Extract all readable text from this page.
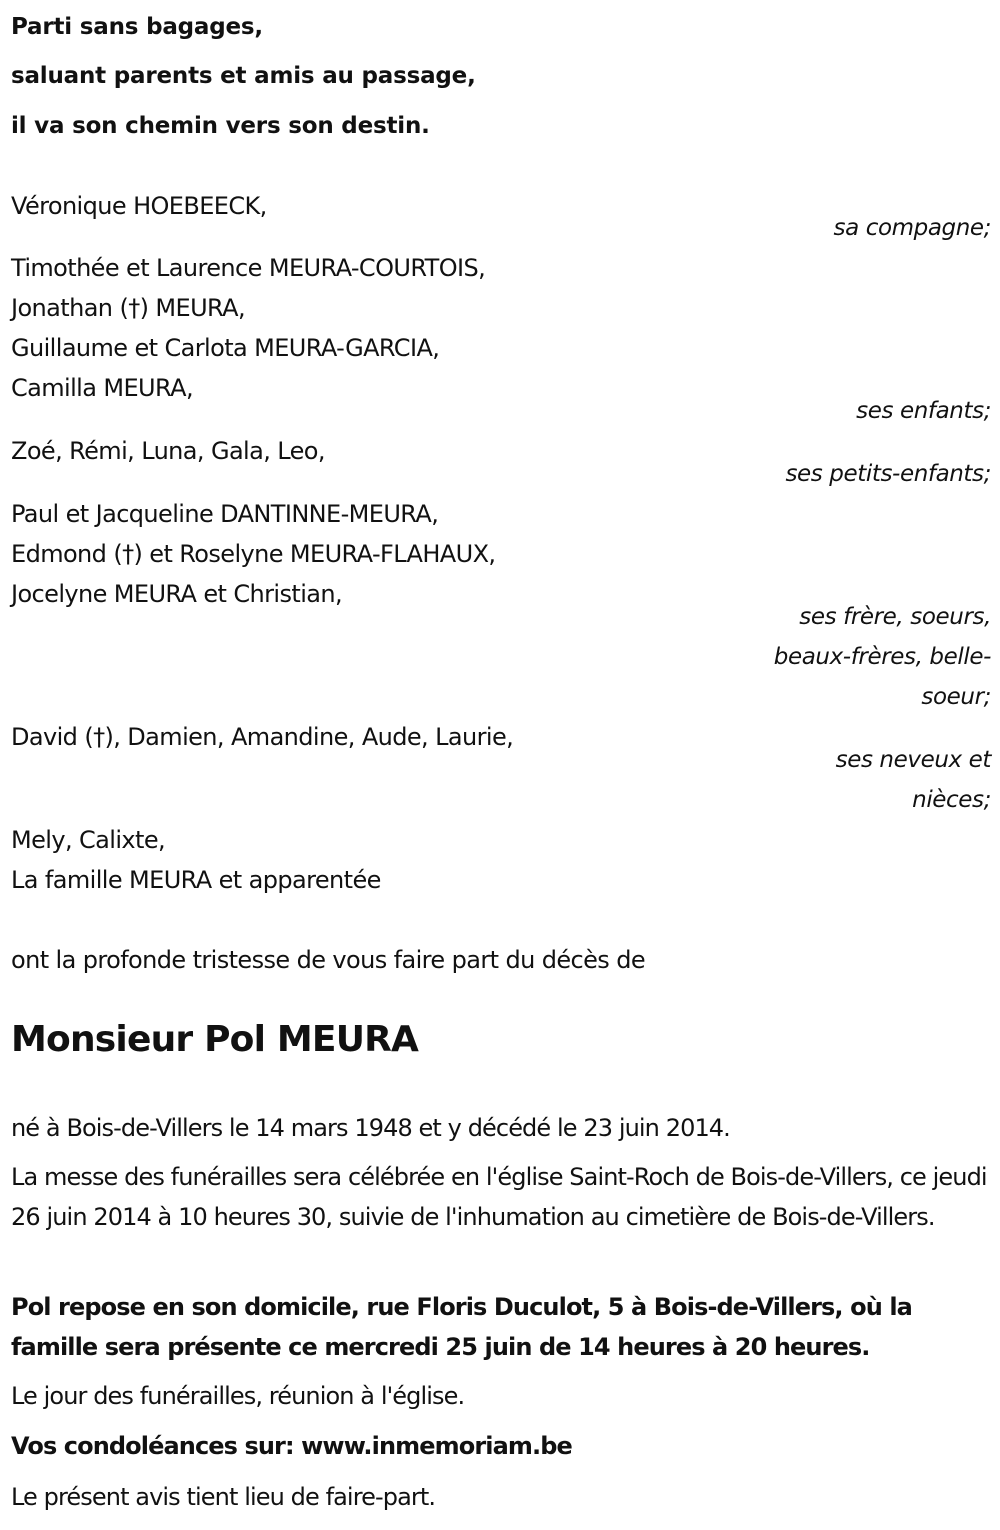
Parti sans bagages,
saluant parents et amis au passage,
il va son chemin vers son destin.
Véronique HOEBEECK,
sa compagne;
Timothée et Laurence MEURA-COURTOIS,
Jonathan (†) MEURA,
Guillaume et Carlota MEURA-GARCIA,
Camilla MEURA,
ses enfants;
Zoé, Rémi, Luna, Gala, Leo,
ses petits-enfants;
Paul et Jacqueline DANTINNE-MEURA,
Edmond (†) et Roselyne MEURA-FLAHAUX,
Jocelyne MEURA et Christian,
ses frère, soeurs,
beaux-frères, belle-
soeur;
David (†), Damien, Amandine, Aude, Laurie,
ses neveux et
nièces;
Mely, Calixte,
La famille MEURA et apparentée
ont la profonde tristesse de vous faire part du décès de
Monsieur Pol MEURA
né à Bois-de-Villers le 14 mars 1948 et y décédé le 23 juin 2014.
La messe des funérailles sera célébrée en l'église Saint-Roch de Bois-de-Villers, ce jeudi 26 juin 2014 à 10 heures 30, suivie de l'inhumation au cimetière de Bois-de-Villers.
Pol repose en son domicile, rue Floris Duculot, 5 à Bois-de-Villers, où la famille sera présente ce mercredi 25 juin de 14 heures à 20 heures.
Le jour des funérailles, réunion à l'église.
Vos condoléances sur: www.inmemoriam.be
Le présent avis tient lieu de faire-part.
